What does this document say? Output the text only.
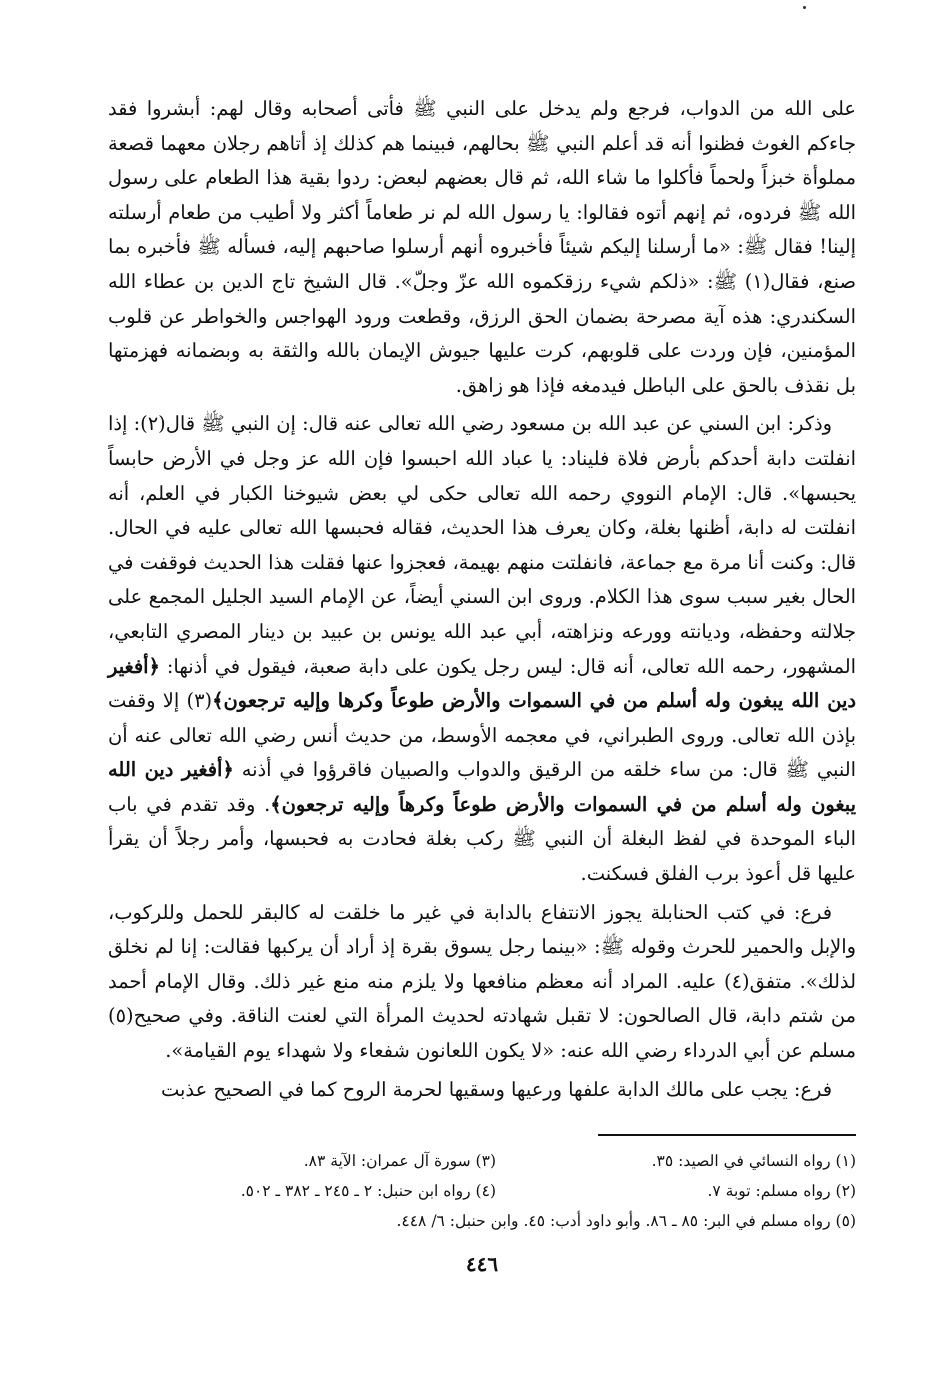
على الله من الدواب، فرجع ولم يدخل على النبي ﷺ فأتى أصحابه وقال لهم: أبشروا فقد جاءكم الغوث فظنوا أنه قد أعلم النبي ﷺ بحالهم، فبينما هم كذلك إذ أتاهم رجلان معهما قصعة مملوأة خبزاً ولحماً فأكلوا ما شاء الله، ثم قال بعضهم لبعض: ردوا بقية هذا الطعام على رسول الله ﷺ فردوه، ثم إنهم أتوه فقالوا: يا رسول الله لم نر طعاماً أكثر ولا أطيب من طعام أرسلته إلينا! فقال ﷺ: «ما أرسلنا إليكم شيئاً فأخبروه أنهم أرسلوا صاحبهم إليه، فسأله ﷺ فأخبره بما صنع، فقال(١) ﷺ: «ذلكم شيء رزقكموه الله عزّ وجلّ». قال الشيخ تاج الدين بن عطاء الله السكندري: هذه آية مصرحة بضمان الحق الرزق، وقطعت ورود الهواجس والخواطر عن قلوب المؤمنين، فإن وردت على قلوبهم، كرت عليها جيوش الإيمان بالله والثقة به وبضمانه فهزمتها بل نقذف بالحق على الباطل فيدمغه فإذا هو زاهق.

وذكر: ابن السني عن عبد الله بن مسعود رضي الله تعالى عنه قال: إن النبي ﷺ قال(٢): إذا انفلتت دابة أحدكم بأرض فلاة فليناد: يا عباد الله احبسوا فإن الله عز وجل في الأرض حابساً يحبسها». قال: الإمام النووي رحمه الله تعالى حكى لي بعض شيوخنا الكبار في العلم، أنه انفلتت له دابة، أظنها بغلة، وكان يعرف هذا الحديث، فقاله فحبسها الله تعالى عليه في الحال. قال: وكنت أنا مرة مع جماعة، فانفلتت منهم بهيمة، فعجزوا عنها فقلت هذا الحديث فوقفت في الحال بغير سبب سوى هذا الكلام. وروى ابن السني أيضاً، عن الإمام السيد الجليل المجمع على جلالته وحفظه، وديانته وورعه ونزاهته، أبي عبد الله يونس بن عبيد بن دينار المصري التابعي، المشهور، رحمه الله تعالى، أنه قال: ليس رجل يكون على دابة صعبة، فيقول في أذنها: ﴿أفغير دين الله يبغون وله أسلم من في السموات والأرض طوعاً وكرها وإليه ترجعون﴾(٣) إلا وقفت بإذن الله تعالى. وروى الطبراني، في معجمه الأوسط، من حديث أنس رضي الله تعالى عنه أن النبي ﷺ قال: من ساء خلقه من الرقيق والدواب والصبيان فاقرؤوا في أذنه ﴿أفغير دين الله يبغون وله أسلم من في السموات والأرض طوعاً وكرهاً وإليه ترجعون﴾. وقد تقدم في باب الباء الموحدة في لفظ البغلة أن النبي ﷺ ركب بغلة فحادت به فحبسها، وأمر رجلاً أن يقرأ عليها قل أعوذ برب الفلق فسكنت.

فرع: في كتب الحنابلة يجوز الانتفاع بالدابة في غير ما خلقت له كالبقر للحمل وللركوب، والإبل والحمير للحرث وقوله ﷺ: «بينما رجل يسوق بقرة إذ أراد أن يركبها فقالت: إنا لم نخلق لذلك». متفق(٤) عليه. المراد أنه معظم منافعها ولا يلزم منه منع غير ذلك. وقال الإمام أحمد من شتم دابة، قال الصالحون: لا تقبل شهادته لحديث المرأة التي لعنت الناقة. وفي صحيح(٥) مسلم عن أبي الدرداء رضي الله عنه: «لا يكون اللعانون شفعاء ولا شهداء يوم القيامة».

فرع: يجب على مالك الدابة علفها ورعيها وسقيها لحرمة الروح كما في الصحيح عذبت

(١) رواه النسائي في الصيد: ٣٥.
(٣) سورة آل عمران: الآية ٨٣.
(٢) رواه مسلم: توبة ٧.
(٤) رواه ابن حنبل: ٢ ـ ٢٤٥ ـ ٣٨٢ ـ ٥٠٢.
(٥) رواه مسلم في البر: ٨٥ ـ ٨٦. وأبو داود أدب: ٤٥. وابن حنبل: ٦/ ٤٤٨.
٤٤٦
